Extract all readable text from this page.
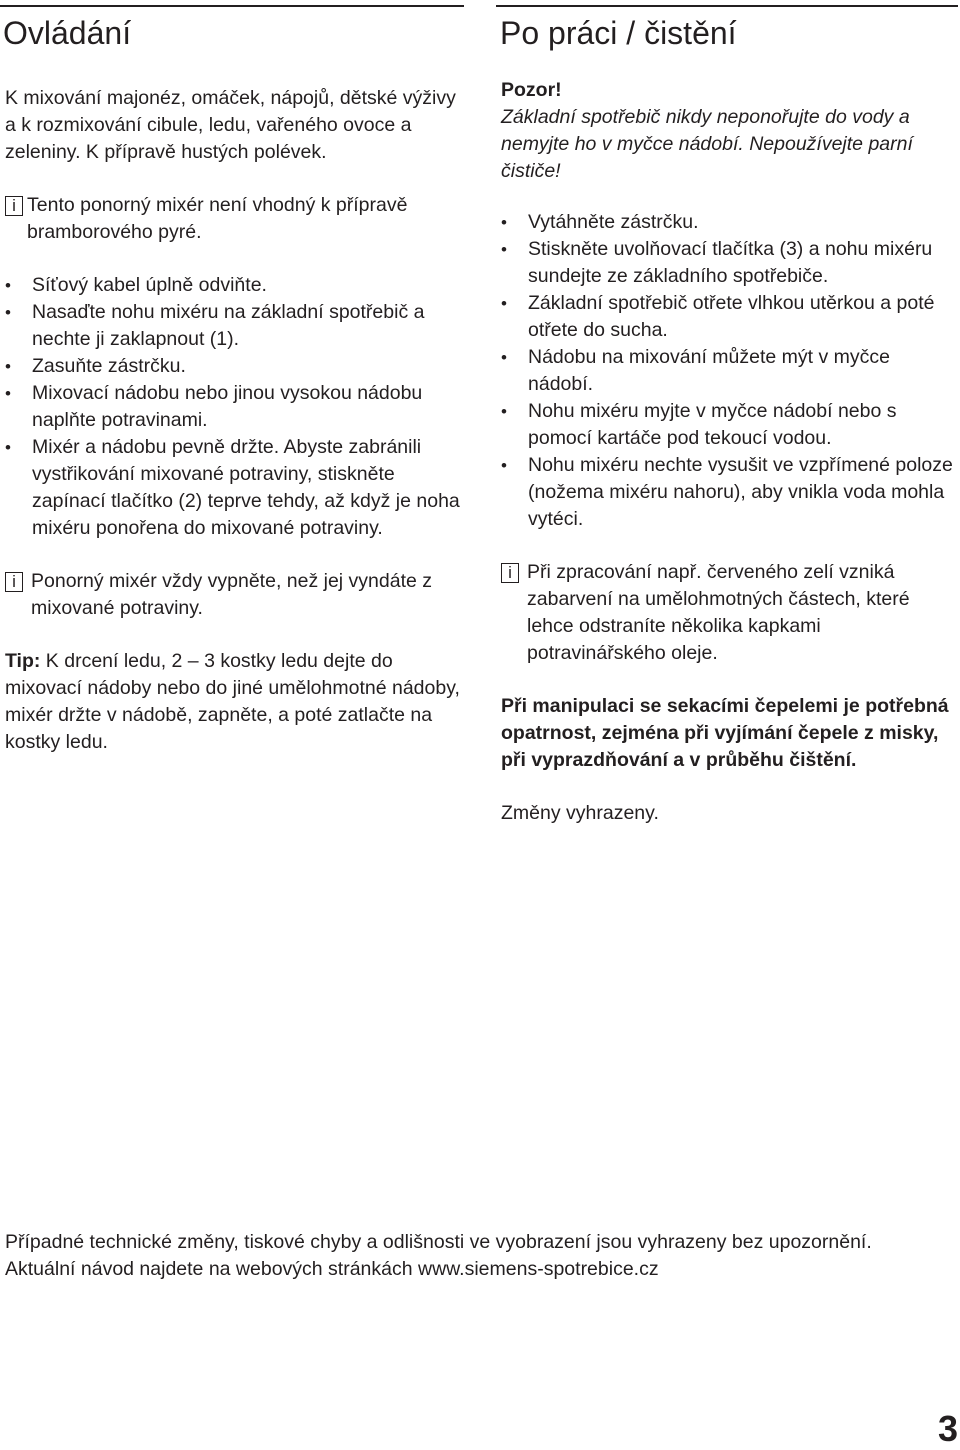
Ovládání

K mixování majonéz, omáček, nápojů, dětské výživy a k rozmixování cibule, ledu, vařeného ovoce a zeleniny. K přípravě hustých polévek.

i Tento ponorný mixér není vhodný k přípravě bramborového pyré.

• Síťový kabel úplně odviňte.
• Nasaďte nohu mixéru na základní spotřebič a nechte ji zaklapnout (1).
• Zasuňte zástrčku.
• Mixovací nádobu nebo jinou vysokou nádobu naplňte potravinami.
• Mixér a nádobu pevně držte. Abyste zabránili vystřikování mixované potraviny, stiskněte zapínací tlačítko (2) teprve tehdy, až když je noha mixéru ponořena do mixované potraviny.
i Ponorný mixér vždy vypněte, než jej vyndáte z mixované potraviny.

Tip: K drcení ledu, 2 – 3 kostky ledu dejte do mixovací nádoby nebo do jiné umělohmotné nádoby, mixér držte v nádobě, zapněte, a poté zatlačte na kostky ledu.

Po práci / čistění

Pozor!

Základní spotřebič nikdy neponořujte do vody a nemyjte ho v myčce nádobí. Nepoužívejte parní čističe!

• Vytáhněte zástrčku.
• Stiskněte uvolňovací tlačítka (3) a nohu mixéru sundejte ze základního spotřebiče.
• Základní spotřebič otřete vlhkou utěrkou a poté otřete do sucha.
• Nádobu na mixování můžete mýt v myčce nádobí.
• Nohu mixéru myjte v myčce nádobí nebo s pomocí kartáče pod tekoucí vodou.
• Nohu mixéru nechte vysušit ve vzpřímené poloze (nožema mixéru nahoru), aby vnikla voda mohla vytéci.
i Při zpracování např. červeného zelí vzniká zabarvení na umělohmotných částech, které lehce odstraníte několika kapkami potravinářského oleje.

Při manipulaci se sekacími čepelemi je potřebná opatrnost, zejména při vyjímání čepele z misky, při vyprazdňování a v průběhu čištění.

Změny vyhrazeny.

Případné technické změny, tiskové chyby a odlišnosti ve vyobrazení jsou vyhrazeny bez upozornění. Aktuální návod najdete na webových stránkách www.siemens-spotrebice.cz

3
